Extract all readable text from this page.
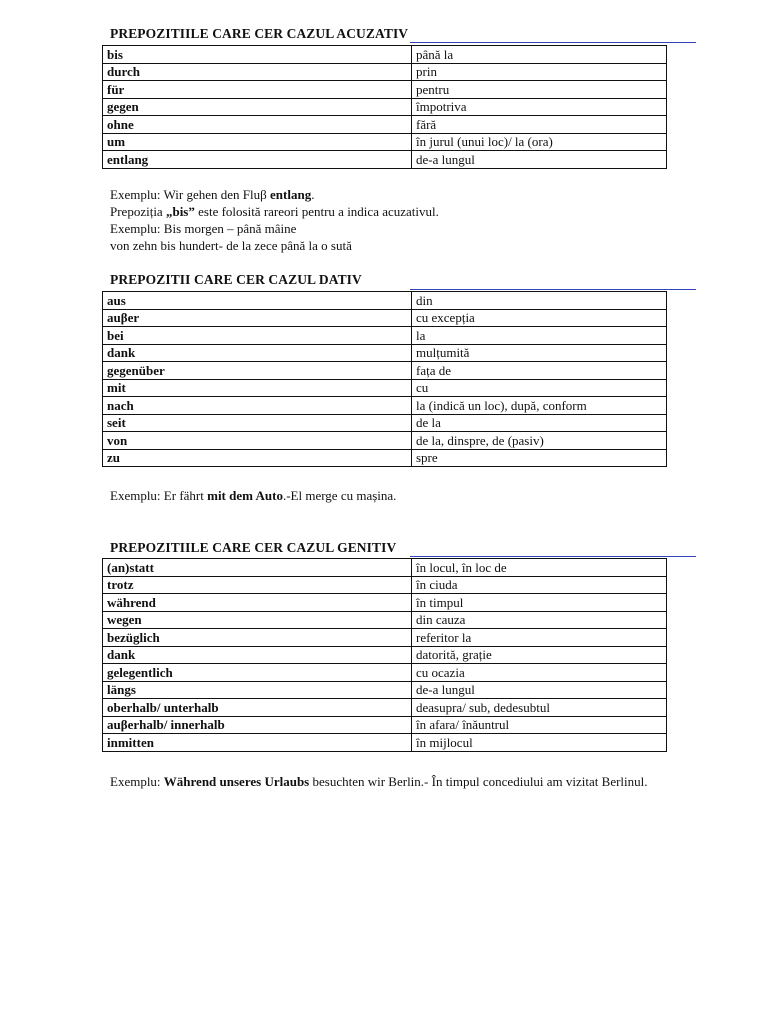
PREPOZITIILE CARE CER CAZUL ACUZATIV
bis	până la
durch	prin
für	pentru
gegen	împotriva
ohne	fără
um	în jurul (unui loc)/ la (ora)
entlang	de-a lungul
Exemplu: Wir gehen den Fluβ entlang.
Prepoziția „bis” este folosită rareori pentru a indica acuzativul.
Exemplu: Bis morgen – până mâine
von zehn bis hundert- de la zece până la o sută
PREPOZITII CARE CER CAZUL DATIV
aus	din
auβer	cu excepția
bei	la
dank	mulțumită
gegenüber	fața de
mit	cu
nach	la (indică un loc), după, conform
seit	de la
von	de la, dinspre, de (pasiv)
zu	spre
Exemplu: Er fährt mit dem Auto.-El merge cu mașina.
PREPOZITIILE CARE CER CAZUL GENITIV
(an)statt	în locul, în loc de
trotz	în ciuda
während	în timpul
wegen	din cauza
bezüglich	referitor la
dank	datorită, grație
gelegentlich	cu ocazia
längs	de-a lungul
oberhalb/ unterhalb	deasupra/ sub, dedesubtul
auβerhalb/ innerhalb	în afara/ înăuntrul
inmitten	în mijlocul
Exemplu: Während unseres Urlaubs besuchten wir Berlin.- În timpul concediului am vizitat Berlinul.
